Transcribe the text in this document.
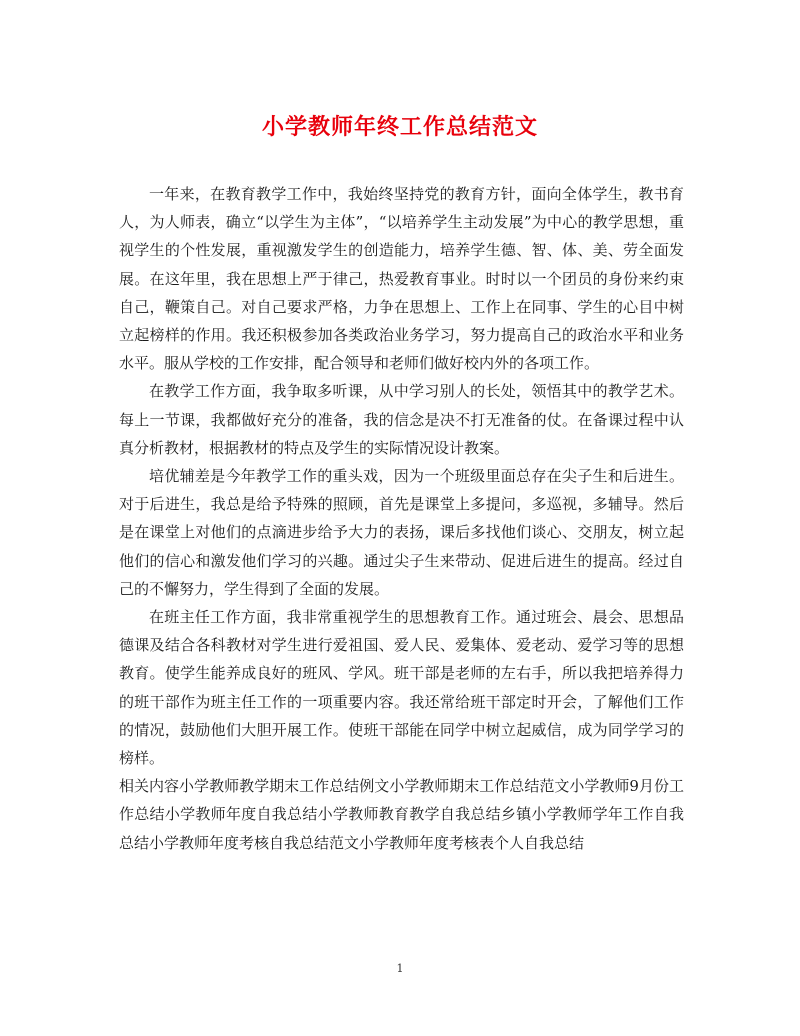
小学教师年终工作总结范文

一年来，在教育教学工作中，我始终坚持党的教育方针，面向全体学生，教书育人，为人师表，确立“以学生为主体”，“以培养学生主动发展”为中心的教学思想，重视学生的个性发展，重视激发学生的创造能力，培养学生德、智、体、美、劳全面发展。在这年里，我在思想上严于律己，热爱教育事业。时时以一个团员的身份来约束自己，鞭策自己。对自己要求严格，力争在思想上、工作上在同事、学生的心目中树立起榜样的作用。我还积极参加各类政治业务学习，努力提高自己的政治水平和业务水平。服从学校的工作安排，配合领导和老师们做好校内外的各项工作。

在教学工作方面，我争取多听课，从中学习别人的长处，领悟其中的教学艺术。每上一节课，我都做好充分的准备，我的信念是决不打无准备的仗。在备课过程中认真分析教材，根据教材的特点及学生的实际情况设计教案。

培优辅差是今年教学工作的重头戏，因为一个班级里面总存在尖子生和后进生。对于后进生，我总是给予特殊的照顾，首先是课堂上多提问，多巡视，多辅导。然后是在课堂上对他们的点滴进步给予大力的表扬，课后多找他们谈心、交朋友，树立起他们的信心和激发他们学习的兴趣。通过尖子生来带动、促进后进生的提高。经过自己的不懈努力，学生得到了全面的发展。

在班主任工作方面，我非常重视学生的思想教育工作。通过班会、晨会、思想品德课及结合各科教材对学生进行爱祖国、爱人民、爱集体、爱老动、爱学习等的思想教育。使学生能养成良好的班风、学风。班干部是老师的左右手，所以我把培养得力的班干部作为班主任工作的一项重要内容。我还常给班干部定时开会，了解他们工作的情况，鼓励他们大胆开展工作。使班干部能在同学中树立起威信，成为同学学习的榜样。

相关内容小学教师教学期末工作总结例文小学教师期末工作总结范文小学教师9月份工作总结小学教师年度自我总结小学教师教育教学自我总结乡镇小学教师学年工作自我总结小学教师年度考核自我总结范文小学教师年度考核表个人自我总结

1
